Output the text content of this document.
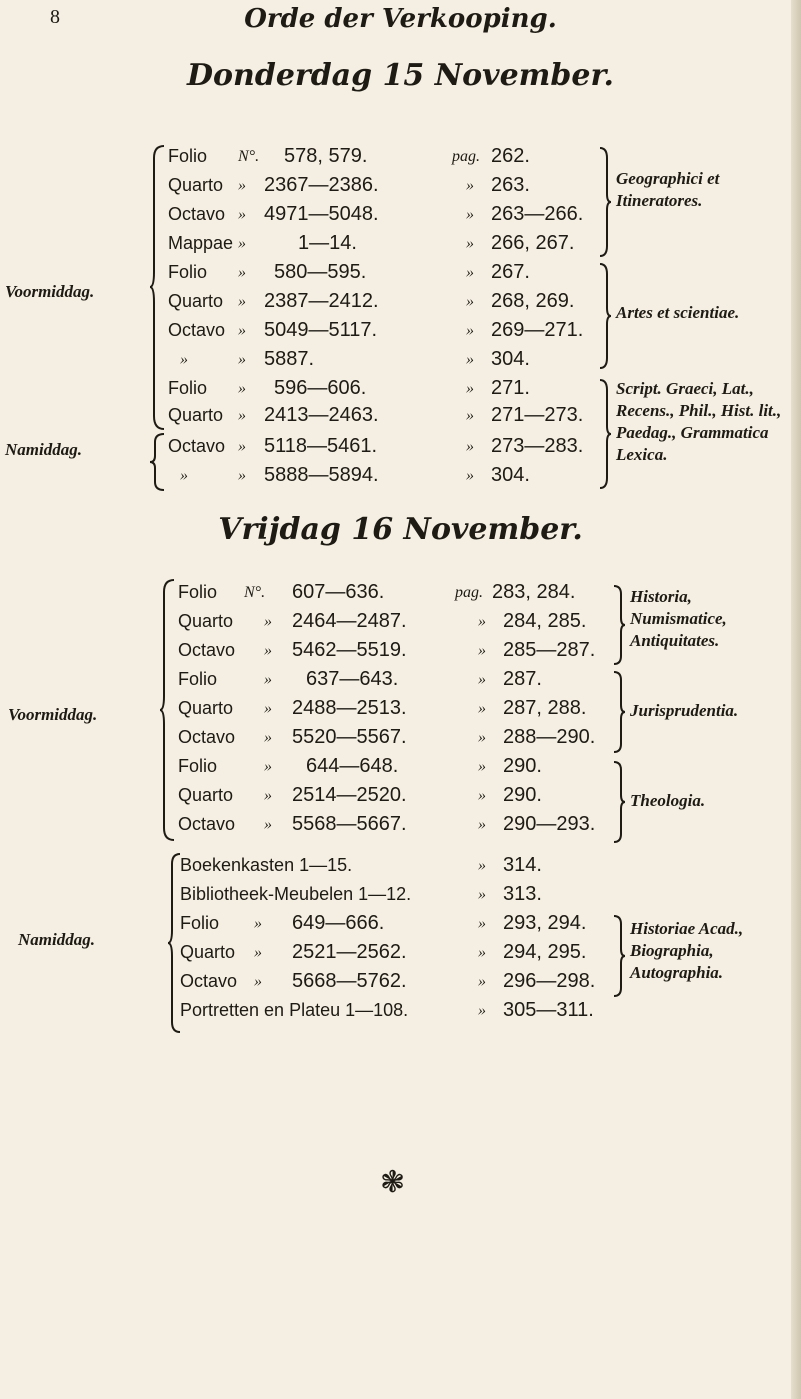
8	Orde der Verkooping.
Donderdag 15 November.
Voormiddag.
Namiddag.
Folio N°. 578, 579.	pag. 262.
Quarto » 2367—2386.	» 263.
Octavo » 4971—5048.	» 263—266.
Mappae »	1—14.	» 266, 267.
Folio » 580—595.	» 267.
Quarto » 2387—2412.	» 268, 269.
Octavo » 5049—5117.	» 269—271.
»	» 5887.	» 304.
Folio » 596—606.	» 271.
Quarto » 2413—2463.	» 271—273.
Octavo » 5118—5461.	» 273—283.
»	» 5888—5894.	» 304.
Geographici et Itineratores.
Artes et scientiae.
Script. Graeci, Lat., Recens., Phil., Hist. lit., Paedag., Grammatica Lexica.
Vrijdag 16 November.
Voormiddag.
Namiddag.
Folio N°. 607—636.	pag. 283, 284.
Quarto » 2464—2487.	» 284, 285.
Octavo » 5462—5519.	» 285—287.
Folio	» 637—643.	» 287.
Quarto » 2488—2513.	» 287, 288.
Octavo » 5520—5567.	» 288—290.
Folio	» 644—648.	» 290.
Quarto » 2514—2520.	» 290.
Octavo » 5568—5667.	» 290—293.
Boekenkasten 1—15.	» 314.
Bibliotheek-Meubelen 1—12.	» 313.
Folio » 649—666.	» 293, 294.
Quarto » 2521—2562.	» 294, 295.
Octavo » 5668—5762.	» 296—298.
Portretten en Plateu 1—108.	» 305—311.
Historia, Numismatice, Antiquitates.
Jurisprudentia.
Theologia.
Historiae Acad., Biographia, Autographia.
❃
